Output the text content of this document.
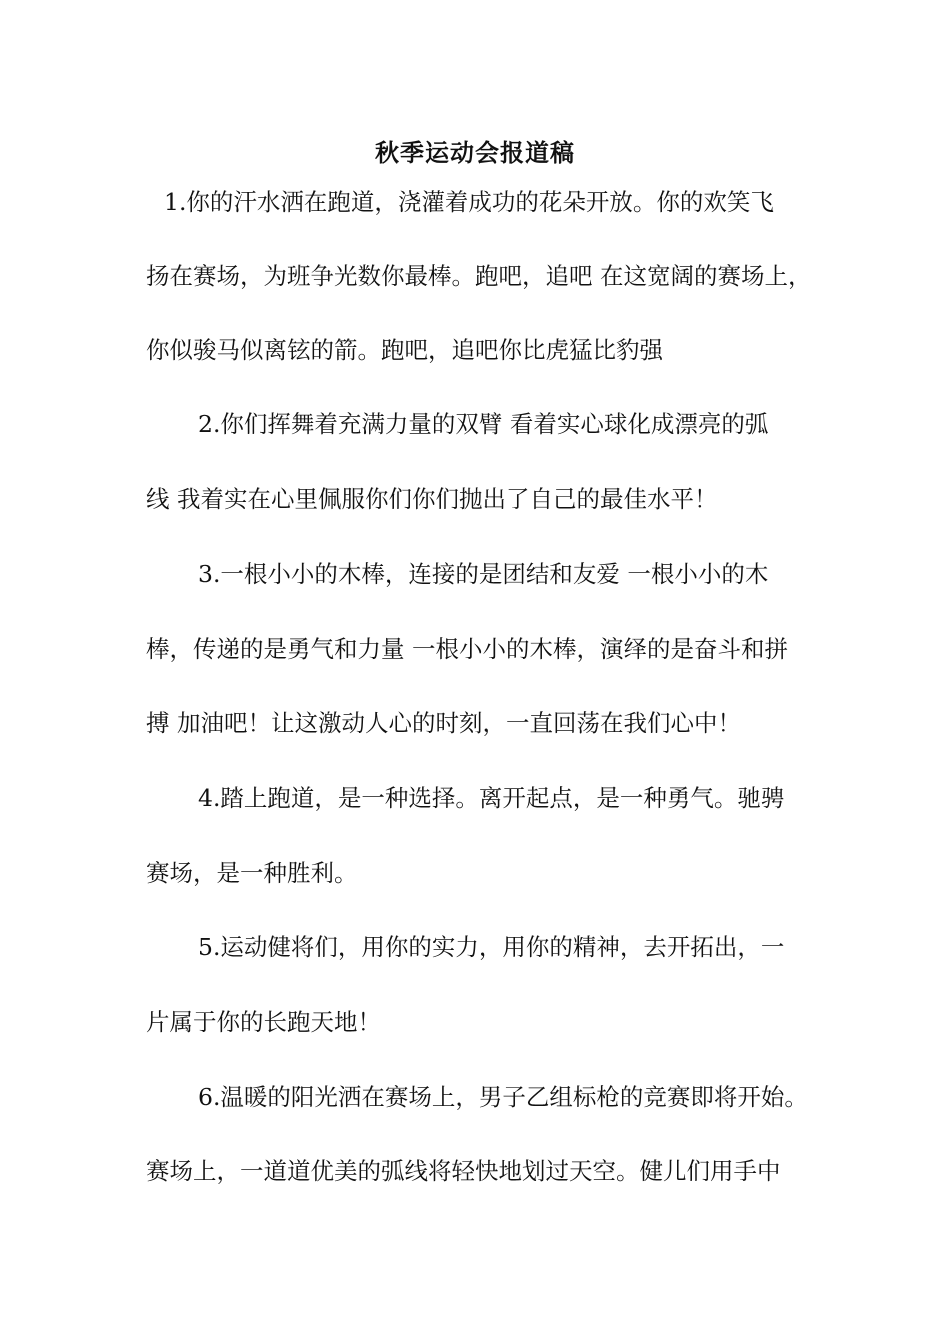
秋季运动会报道稿
1.你的汗水洒在跑道，浇灌着成功的花朵开放。你的欢笑飞
扬在赛场，为班争光数你最棒。跑吧，追吧 在这宽阔的赛场上，
你似骏马似离铉的箭。跑吧，追吧你比虎猛比豹强
2.你们挥舞着充满力量的双臂 看着实心球化成漂亮的弧
线 我着实在心里佩服你们你们抛出了自己的最佳水平！
3.一根小小的木棒，连接的是团结和友爱 一根小小的木
棒，传递的是勇气和力量 一根小小的木棒，演绎的是奋斗和拼
搏 加油吧！让这激动人心的时刻，一直回荡在我们心中！
4.踏上跑道，是一种选择。离开起点，是一种勇气。驰骋
赛场，是一种胜利。
5.运动健将们，用你的实力，用你的精神，去开拓出，一
片属于你的长跑天地！
6.温暖的阳光洒在赛场上，男子乙组标枪的竞赛即将开始。
赛场上，一道道优美的弧线将轻快地划过天空。健儿们用手中
